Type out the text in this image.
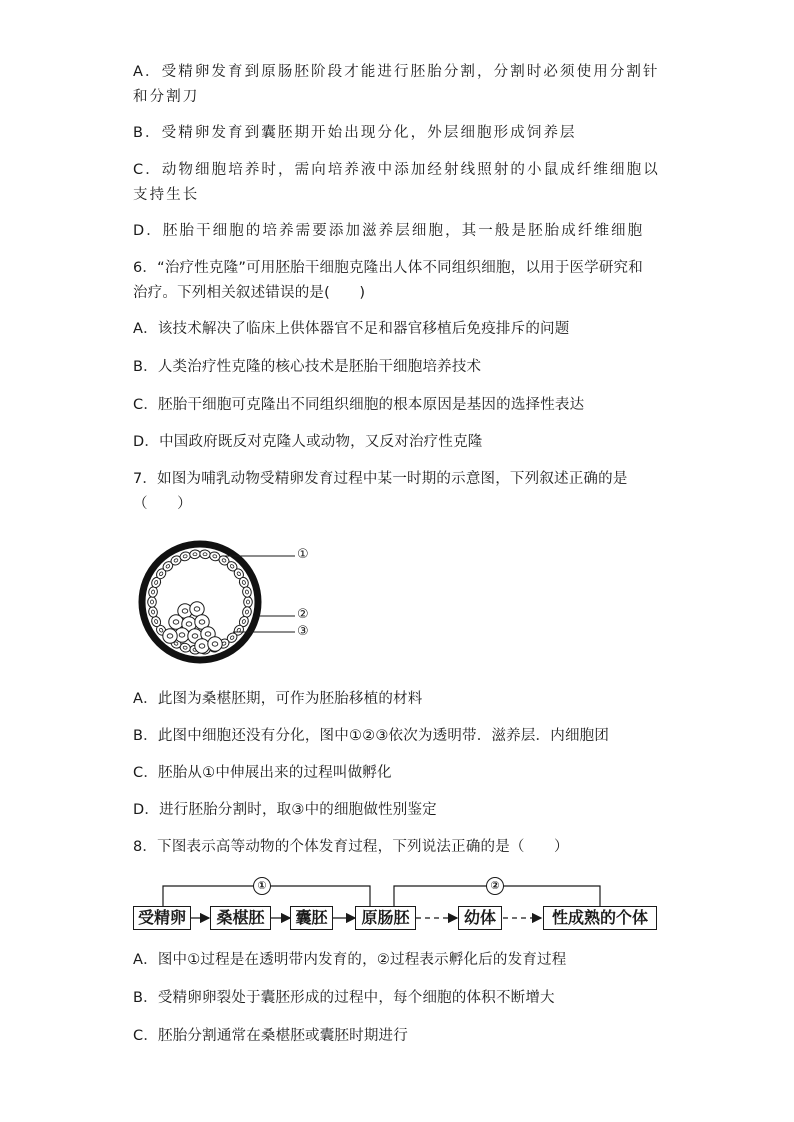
A．受精卵发育到原肠胚阶段才能进行胚胎分割，分割时必须使用分割针
和分割刀
B．受精卵发育到囊胚期开始出现分化，外层细胞形成饲养层
C．动物细胞培养时，需向培养液中添加经射线照射的小鼠成纤维细胞以
支持生长
D．胚胎干细胞的培养需要添加滋养层细胞，其一般是胚胎成纤维细胞
6．“治疗性克隆”可用胚胎干细胞克隆出人体不同组织细胞，以用于医学研究和
治疗。下列相关叙述错误的是(　　)
A．该技术解决了临床上供体器官不足和器官移植后免疫排斥的问题
B．人类治疗性克隆的核心技术是胚胎干细胞培养技术
C．胚胎干细胞可克隆出不同组织细胞的根本原因是基因的选择性表达
D．中国政府既反对克隆人或动物，又反对治疗性克隆
7．如图为哺乳动物受精卵发育过程中某一时期的示意图，下列叙述正确的是
（　　）
①
②
③
A．此图为桑椹胚期，可作为胚胎移植的材料
B．此图中细胞还没有分化，图中①②③依次为透明带．滋养层．内细胞团
C．胚胎从①中伸展出来的过程叫做孵化
D．进行胚胎分割时，取③中的细胞做性别鉴定
8．下图表示高等动物的个体发育过程，下列说法正确的是（　　）
①	②
受精卵	桑椹胚	囊胚	原肠胚	幼体	性成熟的个体
A．图中①过程是在透明带内发育的，②过程表示孵化后的发育过程
B．受精卵卵裂处于囊胚形成的过程中，每个细胞的体积不断增大
C．胚胎分割通常在桑椹胚或囊胚时期进行
